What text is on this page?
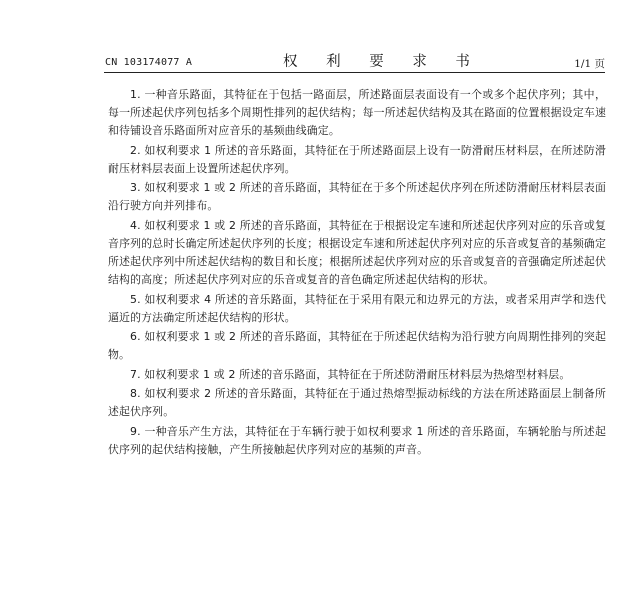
CN 103174077 A	权 利 要 求 书	1/1 页

1. 一种音乐路面，其特征在于包括一路面层，所述路面层表面设有一个或多个起伏序列；其中，每一所述起伏序列包括多个周期性排列的起伏结构；每一所述起伏结构及其在路面的位置根据设定车速和待铺设音乐路面所对应音乐的基频曲线确定。

2. 如权利要求 1 所述的音乐路面，其特征在于所述路面层上设有一防滑耐压材料层，在所述防滑耐压材料层表面上设置所述起伏序列。

3. 如权利要求 1 或 2 所述的音乐路面，其特征在于多个所述起伏序列在所述防滑耐压材料层表面沿行驶方向并列排布。

4. 如权利要求 1 或 2 所述的音乐路面，其特征在于根据设定车速和所述起伏序列对应的乐音或复音序列的总时长确定所述起伏序列的长度；根据设定车速和所述起伏序列对应的乐音或复音的基频确定所述起伏序列中所述起伏结构的数目和长度；根据所述起伏序列对应的乐音或复音的音强确定所述起伏结构的高度；所述起伏序列对应的乐音或复音的音色确定所述起伏结构的形状。

5. 如权利要求 4 所述的音乐路面，其特征在于采用有限元和边界元的方法，或者采用声学和迭代逼近的方法确定所述起伏结构的形状。

6. 如权利要求 1 或 2 所述的音乐路面，其特征在于所述起伏结构为沿行驶方向周期性排列的突起物。

7. 如权利要求 1 或 2 所述的音乐路面，其特征在于所述防滑耐压材料层为热熔型材料层。

8. 如权利要求 2 所述的音乐路面，其特征在于通过热熔型振动标线的方法在所述路面层上制备所述起伏序列。

9. 一种音乐产生方法，其特征在于车辆行驶于如权利要求 1 所述的音乐路面，车辆轮胎与所述起伏序列的起伏结构接触，产生所接触起伏序列对应的基频的声音。
